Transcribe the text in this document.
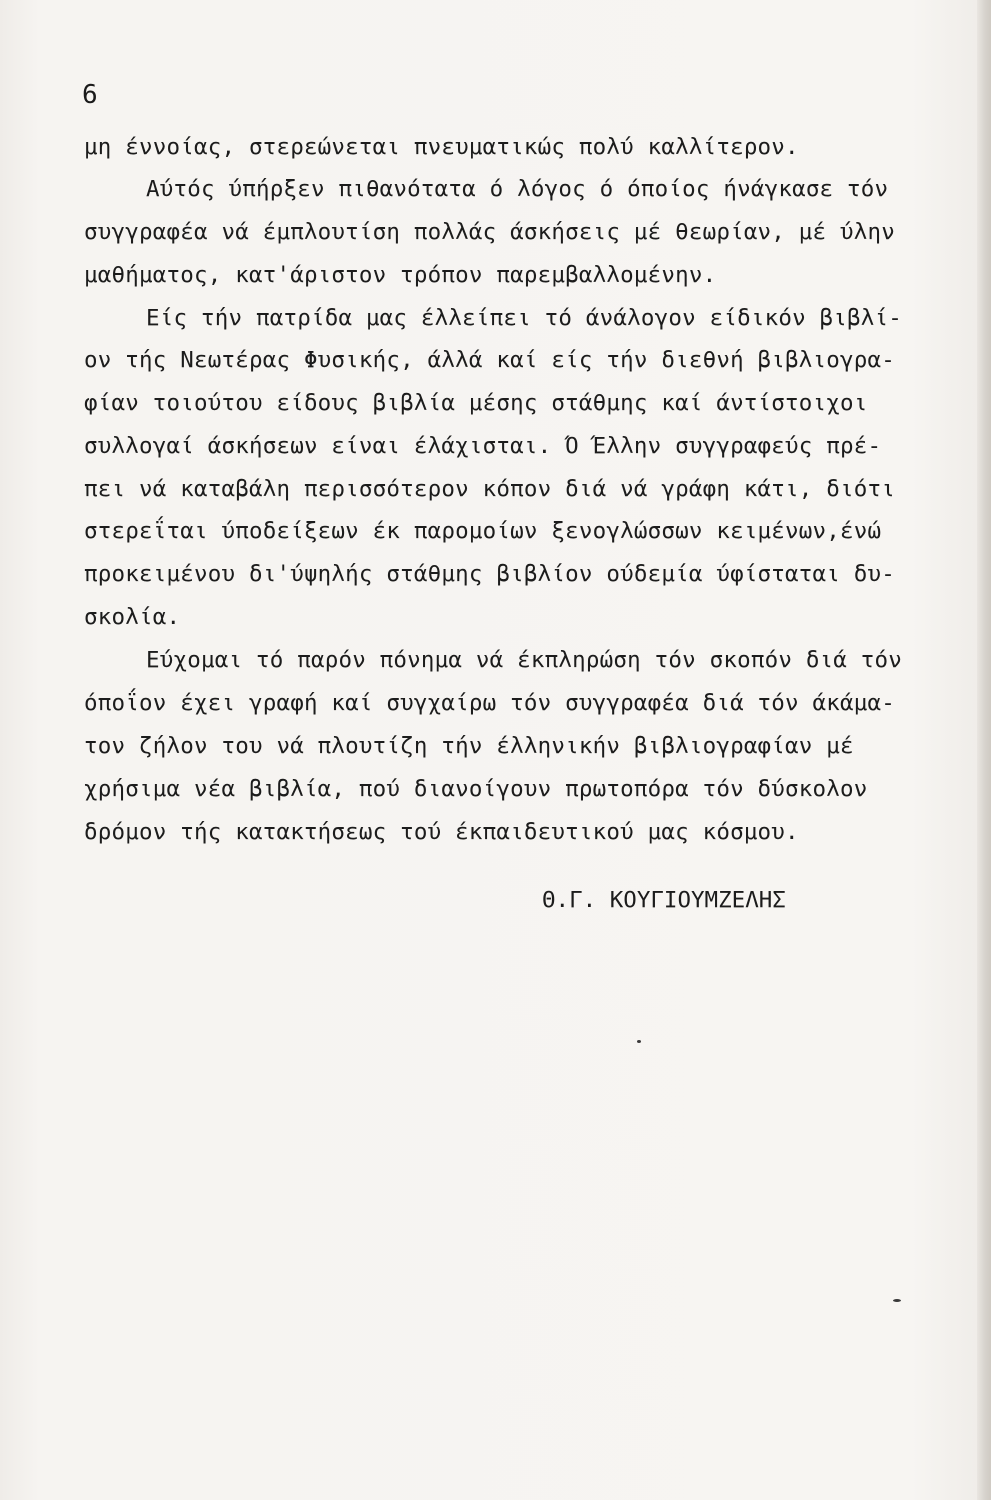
6
μη έννοίας, στερεώνεται πνευματικώς πολύ καλλίτερον.
Αύτός ύπήρξεν πιθανότατα ό λόγος ό όποίος ήνάγκασε τόν
συγγραφέα νά έμπλουτίση πολλάς άσκήσεις μέ θεωρίαν, μέ ύλην
μαθήματος, κατ'άριστον τρόπον παρεμβαλλομένην.
Είς τήν πατρίδα μας έλλείπει τό άνάλογον είδικόν βιβλί-
ον τής Νεωτέρας Φυσικής, άλλά καί είς τήν διεθνή βιβλιογρα-
φίαν τοιούτου είδους βιβλία μέσης στάθμης καί άντίστοιχοι
συλλογαί άσκήσεων είναι έλάχισται. Ό Έλλην συγγραφεύς πρέ-
πει νά καταβάλη περισσότερον κόπον διά νά γράφη κάτι, διότι
στερεΐται ύποδείξεων έκ παρομοίων ξενογλώσσων κειμένων,ένώ
προκειμένου δι'ύψηλής στάθμης βιβλίον ούδεμία ύφίσταται δυ-
σκολία.
Εύχομαι τό παρόν πόνημα νά έκπληρώση τόν σκοπόν διά τόν
όποΐον έχει γραφή καί συγχαίρω τόν συγγραφέα διά τόν άκάμα-
τον ζήλον του νά πλουτίζη τήν έλληνικήν βιβλιογραφίαν μέ
χρήσιμα νέα βιβλία, πού διανοίγουν πρωτοπόρα τόν δύσκολον
δρόμον τής κατακτήσεως τού έκπαιδευτικού μας κόσμου.
Θ.Γ. ΚΟΥΓΙΟΥΜΖΕΛΗΣ
